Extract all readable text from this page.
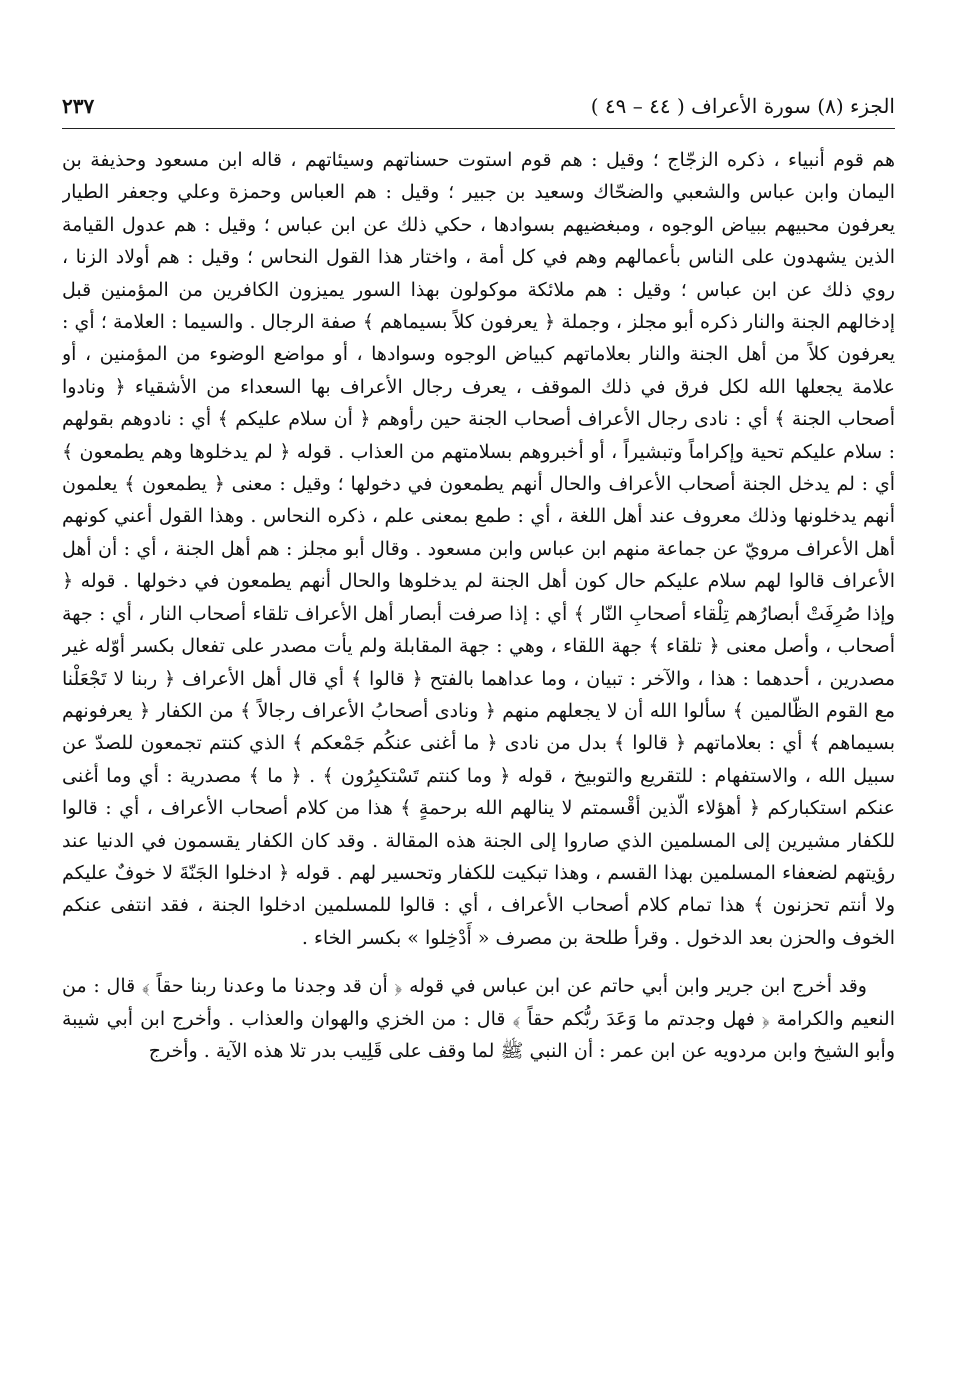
الجزء (٨) سورة الأعراف ( ٤٤ – ٤٩ )
٢٣٧

هم قوم أنبياء ، ذكره الزجّاج ؛ وقيل : هم قوم استوت حسناتهم وسيئاتهم ، قاله ابن مسعود وحذيفة بن اليمان وابن عباس والشعبي والضحّاك وسعيد بن جبير ؛ وقيل : هم العباس وحمزة وعلي وجعفر الطيار يعرفون محبيهم ببياض الوجوه ، ومبغضيهم بسوادها ، حكي ذلك عن ابن عباس ؛ وقيل : هم عدول القيامة الذين يشهدون على الناس بأعمالهم وهم في كل أمة ، واختار هذا القول النحاس ؛ وقيل : هم أولاد الزنا ، روي ذلك عن ابن عباس ؛ وقيل : هم ملائكة موكولون بهذا السور يميزون الكافرين من المؤمنين قبل إدخالهم الجنة والنار ذكره أبو مجلز ، وجملة ﴿ يعرفون كلاً بسيماهم ﴾ صفة الرجال . والسيما : العلامة ؛ أي : يعرفون كلاً من أهل الجنة والنار بعلاماتهم كبياض الوجوه وسوادها ، أو مواضع الوضوء من المؤمنين ، أو علامة يجعلها الله لكل فرق في ذلك الموقف ، يعرف رجال الأعراف بها السعداء من الأشقياء ﴿ ونادوا أصحاب الجنة ﴾ أي : نادى رجال الأعراف أصحاب الجنة حين رأوهم ﴿ أن سلام عليكم ﴾ أي : نادوهم بقولهم : سلام عليكم تحية وإكراماً وتبشيراً ، أو أخبروهم بسلامتهم من العذاب . قوله ﴿ لم يدخلوها وهم يطمعون ﴾ أي : لم يدخل الجنة أصحاب الأعراف والحال أنهم يطمعون في دخولها ؛ وقيل : معنى ﴿ يطمعون ﴾ يعلمون أنهم يدخلونها وذلك معروف عند أهل اللغة ، أي : طمع بمعنى علم ، ذكره النحاس . وهذا القول أعني كونهم أهل الأعراف مرويّ عن جماعة منهم ابن عباس وابن مسعود . وقال أبو مجلز : هم أهل الجنة ، أي : أن أهل الأعراف قالوا لهم سلام عليكم حال كون أهل الجنة لم يدخلوها والحال أنهم يطمعون في دخولها . قوله ﴿ وإذا صُرِفَتْ أبصارُهم تِلْقاء أصحابِ النّار ﴾ أي : إذا صرفت أبصار أهل الأعراف تلقاء أصحاب النار ، أي : جهة أصحاب ، وأصل معنى ﴿ تلقاء ﴾ جهة اللقاء ، وهي : جهة المقابلة ولم يأت مصدر على تفعال بكسر أوّله غير مصدرين ، أحدهما : هذا ، والآخر : تبيان ، وما عداهما بالفتح ﴿ قالوا ﴾ أي قال أهل الأعراف ﴿ ربنا لا تَجْعَلْنا مع القوم الظّالمين ﴾ سألوا الله أن لا يجعلهم منهم ﴿ ونادى أصحابُ الأعراف رجالاً ﴾ من الكفار ﴿ يعرفونهم بسيماهم ﴾ أي : بعلاماتهم ﴿ قالوا ﴾ بدل من نادى ﴿ ما أغنى عنكُم جَمْعكم ﴾ الذي كنتم تجمعون للصدّ عن سبيل الله ، والاستفهام : للتقريع والتوبيخ ، قوله ﴿ وما كنتم تَسْتكبِرُون ﴾ . ﴿ ما ﴾ مصدرية : أي وما أغنى عنكم استكباركم ﴿ أهؤلاء الّذين أقْسمتم لا ينالهم الله برحمةٍ ﴾ هذا من كلام أصحاب الأعراف ، أي : قالوا للكفار مشيرين إلى المسلمين الذي صاروا إلى الجنة هذه المقالة . وقد كان الكفار يقسمون في الدنيا عند رؤيتهم لضعفاء المسلمين بهذا القسم ، وهذا تبكيت للكفار وتحسير لهم . قوله ﴿ ادخلوا الجَنّةَ لا خوفٌ عليكم ولا أنتم تحزنون ﴾ هذا تمام كلام أصحاب الأعراف ، أي : قالوا للمسلمين ادخلوا الجنة ، فقد انتفى عنكم الخوف والحزن بعد الدخول . وقرأ طلحة بن مصرف « أَدْخِلوا » بكسر الخاء .

وقد أخرج ابن جرير وابن أبي حاتم عن ابن عباس في قوله ﴿ أن قد وجدنا ما وعدنا ربنا حقاً ﴾ قال : من النعيم والكرامة ﴿ فهل وجدتم ما وَعَدَ ربُّكم حقاً ﴾ قال : من الخزي والهوان والعذاب . وأخرج ابن أبي شيبة وأبو الشيخ وابن مردويه عن ابن عمر : أن النبي ﷺ لما وقف على قَلِيب بدر تلا هذه الآية . وأخرج
